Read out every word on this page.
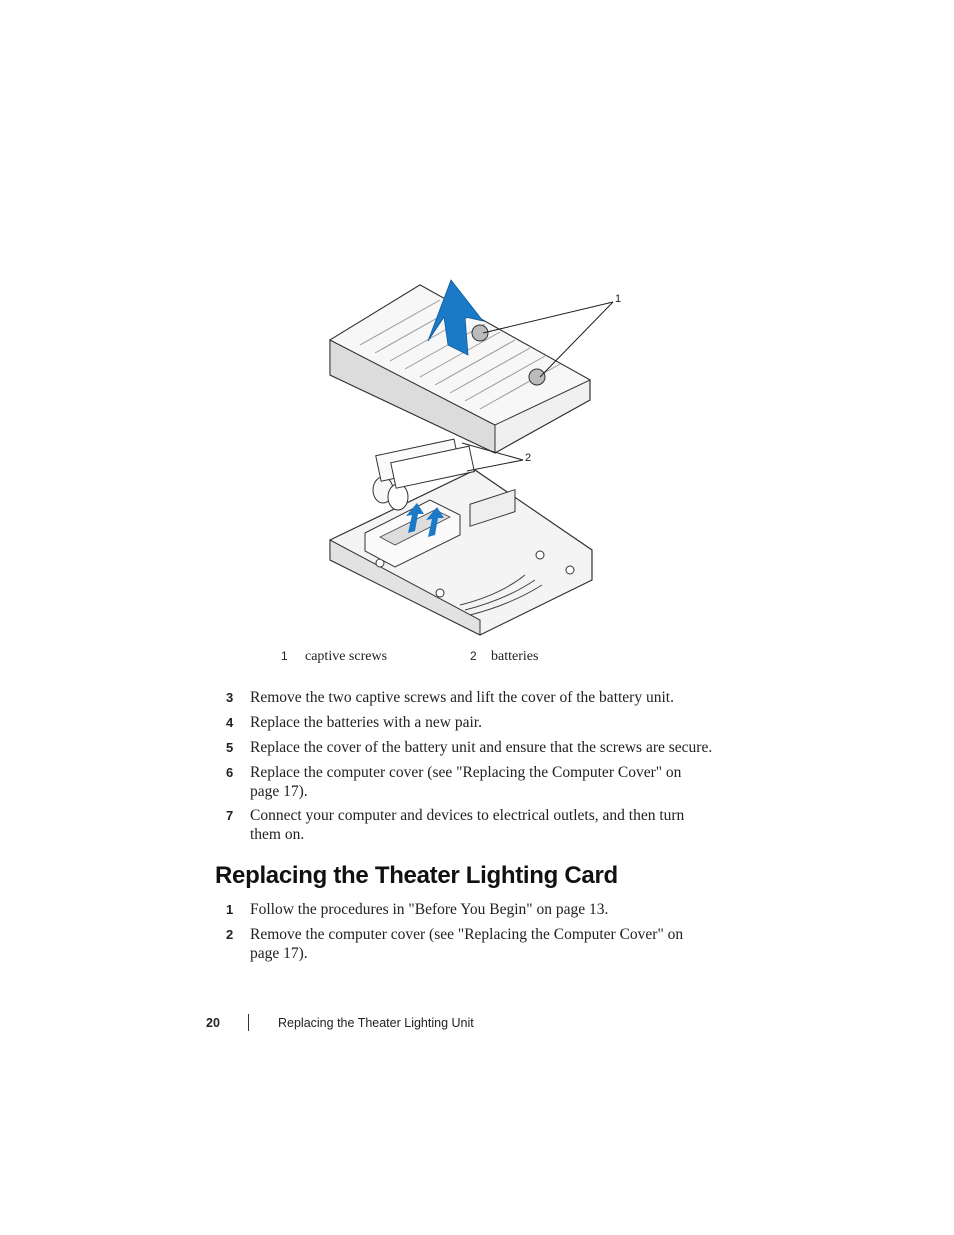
1
2
1 captive screws	2 batteries
3 Remove the two captive screws and lift the cover of the battery unit.
4 Replace the batteries with a new pair.
5 Replace the cover of the battery unit and ensure that the screws are secure.
6 Replace the computer cover (see "Replacing the Computer Cover" on page 17).
7 Connect your computer and devices to electrical outlets, and then turn them on.
Replacing the Theater Lighting Card
1 Follow the procedures in "Before You Begin" on page 13.
2 Remove the computer cover (see "Replacing the Computer Cover" on page 17).
20	Replacing the Theater Lighting Unit
